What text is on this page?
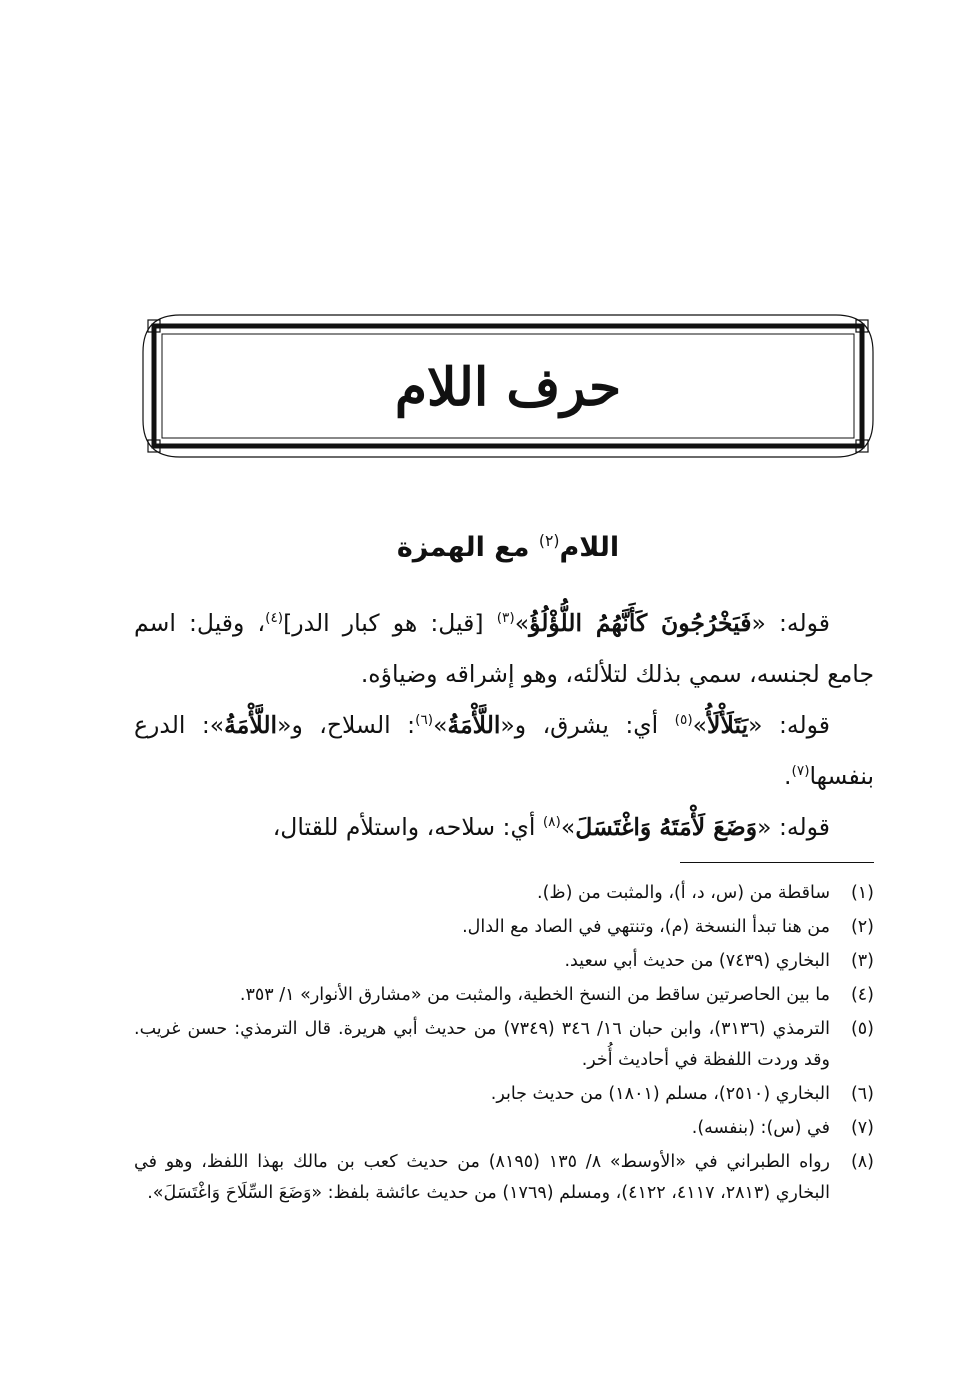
حرف اللام
اللام$^{(٢)}$ مع الهمزة

قوله: «فَيَخْرُجُونَ كَأَنَّهُمُ اللُّؤْلُؤُ»$^{(٣)}$ [قيل: هو كبار الدر]$^{(٤)}$، وقيل: اسم جامع لجنسه، سمي بذلك لتلألئه، وهو إشراقه وضياؤه.

قوله: «يَتَلَأْلَأُ»$^{(٥)}$ أي: يشرق، و«اللَّأْمَةُ»$^{(٦)}$: السلاح، و«اللَّأْمَةُ»: الدرع بنفسها$^{(٧)}$.

قوله: «وَضَعَ لَأْمَتَهُ وَاغْتَسَلَ»$^{(٨)}$ أي: سلاحه، واستلأم للقتال،

(١)
ساقطة من (س، د، أ)، والمثبت من (ظ).
(٢)
من هنا تبدأ النسخة (م)، وتنتهي في الصاد مع الدال.
(٣)
البخاري (٧٤٣٩) من حديث أبي سعيد.
(٤)
ما بين الحاصرتين ساقط من النسخ الخطية، والمثبت من «مشارق الأنوار» ١/ ٣٥٣.
(٥)
الترمذي (٣١٣٦)، وابن حبان ١٦/ ٣٤٦ (٧٣٤٩) من حديث أبي هريرة. قال الترمذي: حسن غريب. وقد وردت اللفظة في أحاديث أُخر.
(٦)
البخاري (٢٥١٠)، مسلم (١٨٠١) من حديث جابر.
(٧)
في (س): (بنفسه).
(٨)
رواه الطبراني في «الأوسط» ٨/ ١٣٥ (٨١٩٥) من حديث كعب بن مالك بهذا اللفظ، وهو في البخاري (٢٨١٣، ٤١١٧، ٤١٢٢)، ومسلم (١٧٦٩) من حديث عائشة بلفظ: «وَضَعَ السِّلَاحَ وَاغْتَسَلَ».
